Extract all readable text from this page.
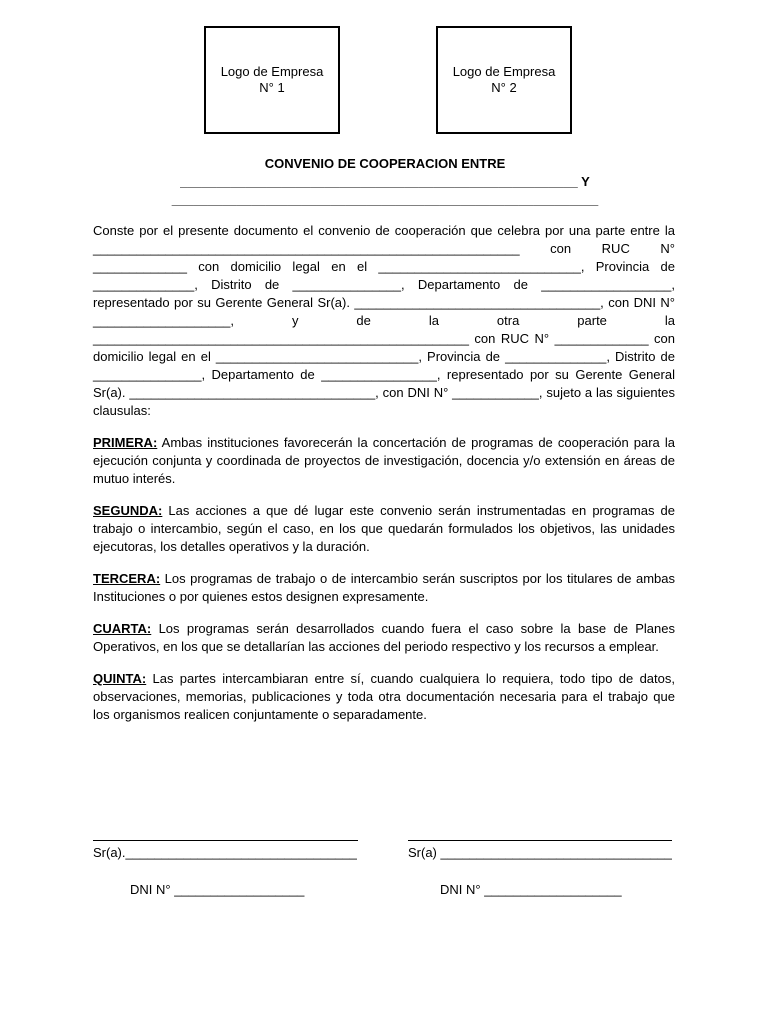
Logo de Empresa
N° 1
Logo de Empresa
N° 2
CONVENIO DE COOPERACION ENTRE
_______________________________________________________ Y
___________________________________________________________

Conste por el presente documento el convenio de cooperación que celebra por una parte entre la ___________________________________________________________ con RUC N° _____________ con domicilio legal en el ____________________________, Provincia de ______________, Distrito de _______________, Departamento de __________________, representado por su Gerente General Sr(a). __________________________________, con DNI N° ___________________, y de la otra parte la ____________________________________________________ con RUC N° _____________ con domicilio legal en el ____________________________, Provincia de ______________, Distrito de _______________, Departamento de ________________, representado por su Gerente General Sr(a). __________________________________, con DNI N° ____________, sujeto a las siguientes clausulas:

PRIMERA: Ambas instituciones favorecerán la concertación de programas de cooperación para la ejecución conjunta y coordinada de proyectos de investigación, docencia y/o extensión en áreas de mutuo interés.

SEGUNDA: Las acciones a que dé lugar este convenio serán instrumentadas en programas de trabajo o intercambio, según el caso, en los que quedarán formulados los objetivos, las unidades ejecutoras, los detalles operativos y la duración.

TERCERA: Los programas de trabajo o de intercambio serán suscriptos por los titulares de ambas Instituciones o por quienes estos designen expresamente.

CUARTA: Los programas serán desarrollados cuando fuera el caso sobre la base de Planes Operativos, en los que se detallarían las acciones del periodo respectivo y los recursos a emplear.

QUINTA: Las partes intercambiaran entre sí, cuando cualquiera lo requiera, todo tipo de datos, observaciones, memorias, publicaciones y toda otra documentación necesaria para el trabajo que los organismos realicen conjuntamente o separadamente.

Sr(a).________________________________	Sr(a) ________________________________
DNI N° __________________	DNI N° ___________________
